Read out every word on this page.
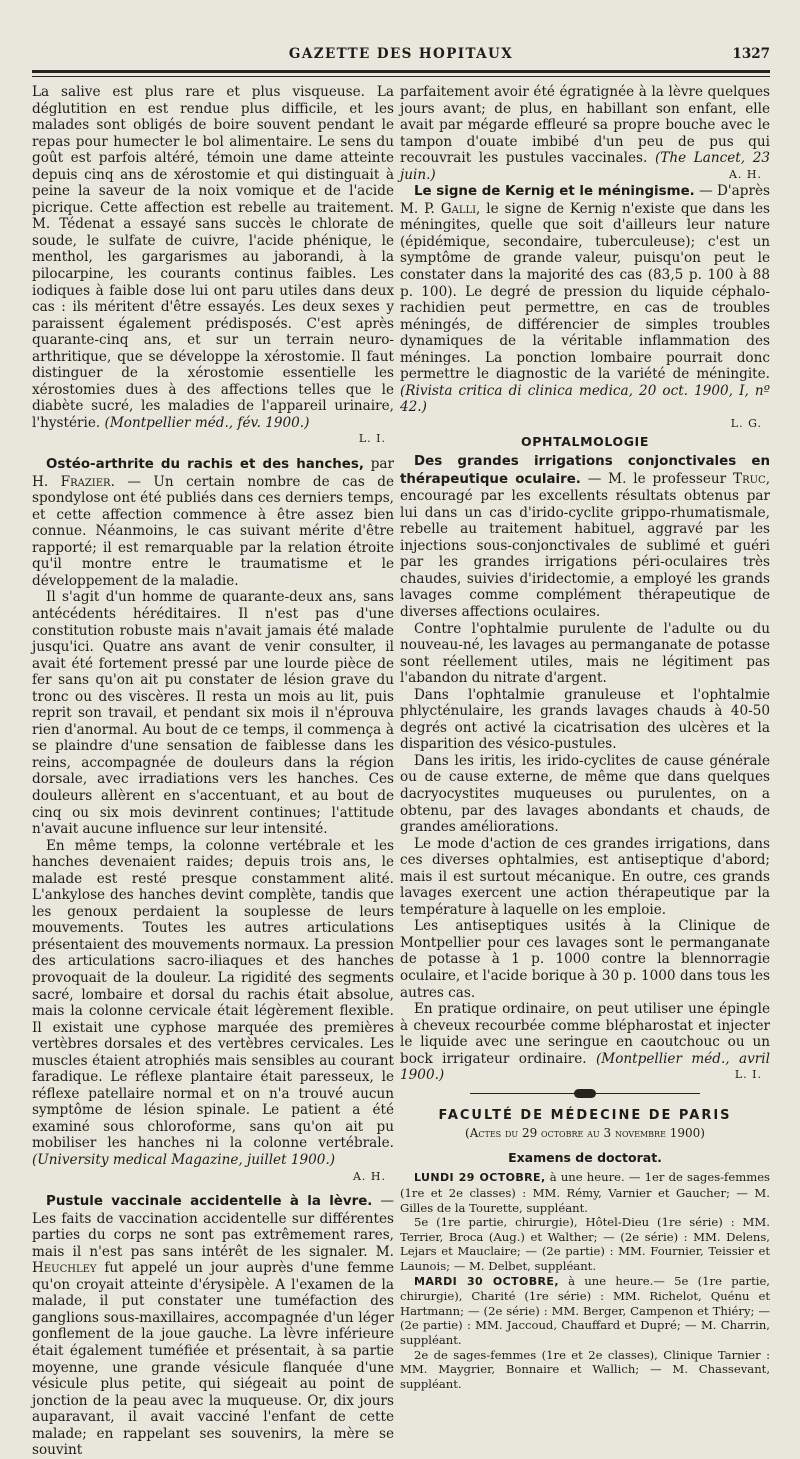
GAZETTE DES HOPITAUX	1327

La salive est plus rare et plus visqueuse. La déglutition en est rendue plus difficile, et les malades sont obligés de boire souvent pendant le repas pour humecter le bol alimentaire. Le sens du goût est parfois altéré, témoin une dame atteinte depuis cinq ans de xérostomie et qui distinguait à peine la saveur de la noix vomique et de l'acide picrique. Cette affection est rebelle au traitement. M. Tédenat a essayé sans succès le chlorate de soude, le sulfate de cuivre, l'acide phénique, le menthol, les gargarismes au jaborandi, à la pilocarpine, les courants continus faibles. Les iodiques à faible dose lui ont paru utiles dans deux cas : ils méritent d'être essayés. Les deux sexes y paraissent également prédisposés. C'est après quarante-cinq ans, et sur un terrain neuro-arthritique, que se développe la xérostomie. Il faut distinguer de la xérostomie essentielle les xérostomies dues à des affections telles que le diabète sucré, les maladies de l'appareil urinaire, l'hystérie. (Montpellier méd., fév. 1900.)

L. I.

Ostéo-arthrite du rachis et des hanches, par H. Frazier. — Un certain nombre de cas de spondylose ont été publiés dans ces derniers temps, et cette affection commence à être assez bien connue. Néanmoins, le cas suivant mérite d'être rapporté; il est remarquable par la relation étroite qu'il montre entre le traumatisme et le développement de la maladie.

Il s'agit d'un homme de quarante-deux ans, sans antécédents héréditaires. Il n'est pas d'une constitution robuste mais n'avait jamais été malade jusqu'ici. Quatre ans avant de venir consulter, il avait été fortement pressé par une lourde pièce de fer sans qu'on ait pu constater de lésion grave du tronc ou des viscères. Il resta un mois au lit, puis reprit son travail, et pendant six mois il n'éprouva rien d'anormal. Au bout de ce temps, il commença à se plaindre d'une sensation de faiblesse dans les reins, accompagnée de douleurs dans la région dorsale, avec irradiations vers les hanches. Ces douleurs allèrent en s'accentuant, et au bout de cinq ou six mois devinrent continues; l'attitude n'avait aucune influence sur leur intensité.

En même temps, la colonne vertébrale et les hanches devenaient raides; depuis trois ans, le malade est resté presque constamment alité. L'ankylose des hanches devint complète, tandis que les genoux perdaient la souplesse de leurs mouvements. Toutes les autres articulations présentaient des mouvements normaux. La pression des articulations sacro-iliaques et des hanches provoquait de la douleur. La rigidité des segments sacré, lombaire et dorsal du rachis était absolue, mais la colonne cervicale était légèrement flexible. Il existait une cyphose marquée des premières vertèbres dorsales et des vertèbres cervicales. Les muscles étaient atrophiés mais sensibles au courant faradique. Le réflexe plantaire était paresseux, le réflexe patellaire normal et on n'a trouvé aucun symptôme de lésion spinale. Le patient a été examiné sous chloroforme, sans qu'on ait pu mobiliser les hanches ni la colonne vertébrale. (University medical Magazine, juillet 1900.)

A. H.

Pustule vaccinale accidentelle à la lèvre. — Les faits de vaccination accidentelle sur différentes parties du corps ne sont pas extrêmement rares, mais il n'est pas sans intérêt de les signaler. M. Heuchley fut appelé un jour auprès d'une femme qu'on croyait atteinte d'érysipèle. A l'examen de la malade, il put constater une tuméfaction des ganglions sous-maxillaires, accompagnée d'un léger gonflement de la joue gauche. La lèvre inférieure était également tuméfiée et présentait, à sa partie moyenne, une grande vésicule flanquée d'une vésicule plus petite, qui siégeait au point de jonction de la peau avec la muqueuse. Or, dix jours auparavant, il avait vacciné l'enfant de cette malade; en rappelant ses souvenirs, la mère se souvint

parfaitement avoir été égratignée à la lèvre quelques jours avant; de plus, en habillant son enfant, elle avait par mégarde effleuré sa propre bouche avec le tampon d'ouate imbibé d'un peu de pus qui recouvrait les pustules vaccinales. (The Lancet, 23 juin.)	A. H.

Le signe de Kernig et le méningisme. — D'après M. P. Galli, le signe de Kernig n'existe que dans les méningites, quelle que soit d'ailleurs leur nature (épidémique, secondaire, tuberculeuse); c'est un symptôme de grande valeur, puisqu'on peut le constater dans la majorité des cas (83,5 p. 100 à 88 p. 100). Le degré de pression du liquide céphalo-rachidien peut permettre, en cas de troubles méningés, de différencier de simples troubles dynamiques de la véritable inflammation des méninges. La ponction lombaire pourrait donc permettre le diagnostic de la variété de méningite. (Rivista critica di clinica medica, 20 oct. 1900, I, nº 42.)

L. G.
OPHTALMOLOGIE

Des grandes irrigations conjonctivales en thérapeutique oculaire. — M. le professeur Truc, encouragé par les excellents résultats obtenus par lui dans un cas d'irido-cyclite grippo-rhumatismale, rebelle au traitement habituel, aggravé par les injections sous-conjonctivales de sublimé et guéri par les grandes irrigations péri-oculaires très chaudes, suivies d'iridectomie, a employé les grands lavages comme complément thérapeutique de diverses affections oculaires.

Contre l'ophtalmie purulente de l'adulte ou du nouveau-né, les lavages au permanganate de potasse sont réellement utiles, mais ne légitiment pas l'abandon du nitrate d'argent.

Dans l'ophtalmie granuleuse et l'ophtalmie phlycténulaire, les grands lavages chauds à 40-50 degrés ont activé la cicatrisation des ulcères et la disparition des vésico-pustules.

Dans les iritis, les irido-cyclites de cause générale ou de cause externe, de même que dans quelques dacryocystites muqueuses ou purulentes, on a obtenu, par des lavages abondants et chauds, de grandes améliorations.

Le mode d'action de ces grandes irrigations, dans ces diverses ophtalmies, est antiseptique d'abord; mais il est surtout mécanique. En outre, ces grands lavages exercent une action thérapeutique par la température à laquelle on les emploie.

Les antiseptiques usités à la Clinique de Montpellier pour ces lavages sont le permanganate de potasse à 1 p. 1000 contre la blennorragie oculaire, et l'acide borique à 30 p. 1000 dans tous les autres cas.

En pratique ordinaire, on peut utiliser une épingle à cheveux recourbée comme blépharostat et injecter le liquide avec une seringue en caoutchouc ou un bock irrigateur ordinaire. (Montpellier méd., avril 1900.)	L. I.

FACULTÉ DE MÉDECINE DE PARIS
(Actes du 29 octobre au 3 novembre 1900)
Examens de doctorat.

LUNDI 29 OCTOBRE, à une heure. — 1er de sages-femmes (1re et 2e classes) : MM. Rémy, Varnier et Gaucher; — M. Gilles de la Tourette, suppléant.

5e (1re partie, chirurgie), Hôtel-Dieu (1re série) : MM. Terrier, Broca (Aug.) et Walther; — (2e série) : MM. Delens, Lejars et Mauclaire; — (2e partie) : MM. Fournier, Teissier et Launois; — M. Delbet, suppléant.

MARDI 30 OCTOBRE, à une heure.— 5e (1re partie, chirurgie), Charité (1re série) : MM. Richelot, Quénu et Hartmann; — (2e série) : MM. Berger, Campenon et Thiéry; — (2e partie) : MM. Jaccoud, Chauffard et Dupré; — M. Charrin, suppléant.

2e de sages-femmes (1re et 2e classes), Clinique Tarnier : MM. Maygrier, Bonnaire et Wallich; — M. Chassevant, suppléant.
